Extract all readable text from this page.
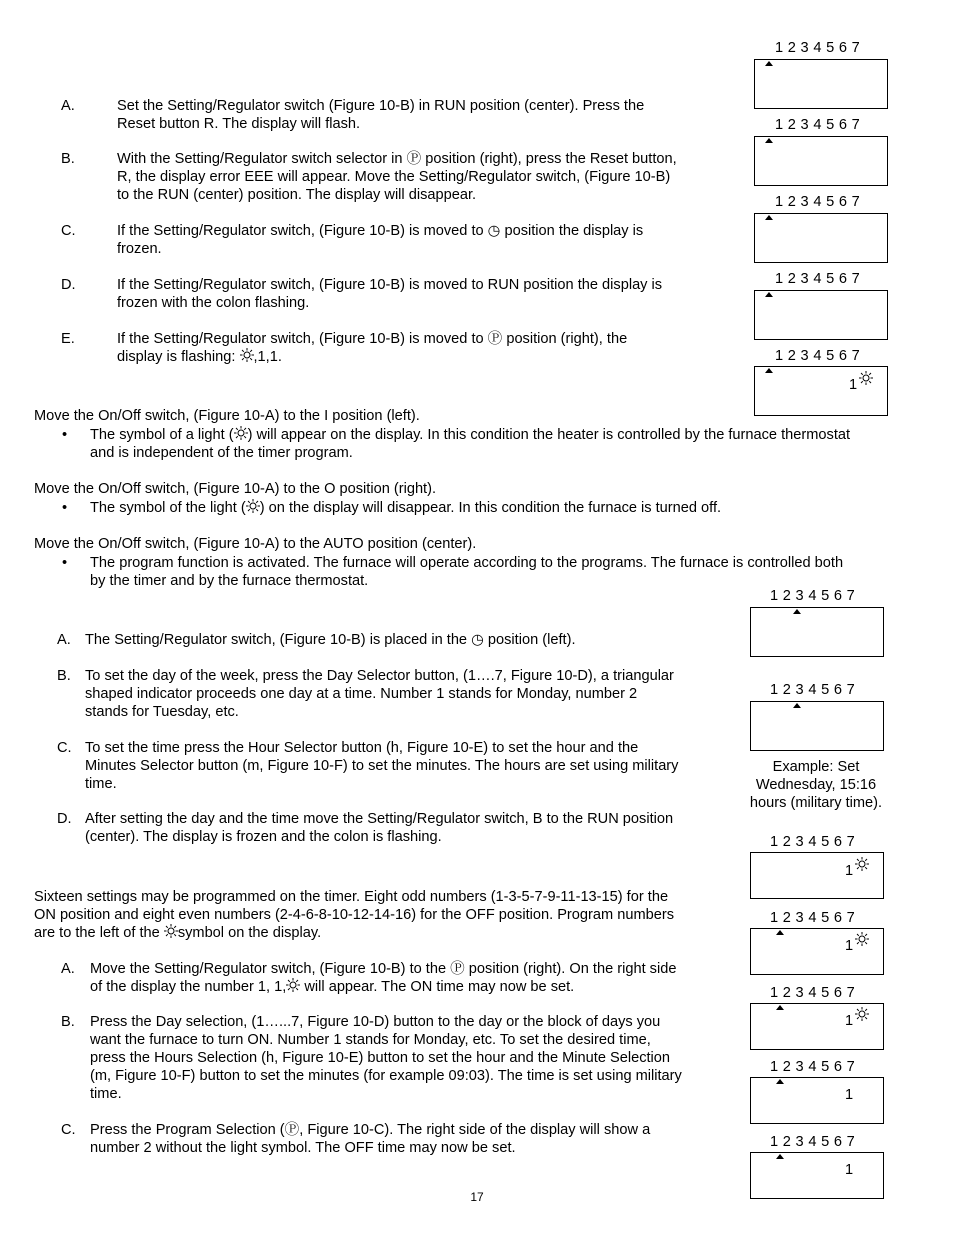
A.	Set the Setting/Regulator switch (Figure 10-B) in RUN position (center). Press the
Reset button R. The display will flash.
B.	With the Setting/Regulator switch selector in Ⓟ position (right), press the Reset button,
R, the display error EEE will appear. Move the Setting/Regulator switch, (Figure 10-B)
to the RUN (center) position. The display will disappear.
C.	If the Setting/Regulator switch, (Figure 10-B) is moved to ◷ position the display is
frozen.
D.	If the Setting/Regulator switch, (Figure 10-B) is moved to RUN position the display is
frozen with the colon flashing.
E.	If the Setting/Regulator switch, (Figure 10-B) is moved to Ⓟ position (right), the
display is flashing: ,1,1.
Move the On/Off switch, (Figure 10-A) to the I position (left).
• The symbol of a light ( ) will appear on the display. In this condition the heater is controlled by the furnace thermostat
and is independent of the timer program.
Move the On/Off switch, (Figure 10-A) to the O position (right).
• The symbol of the light ( ) on the display will disappear. In this condition the furnace is turned off.
Move the On/Off switch, (Figure 10-A) to the AUTO position (center).
• The program function is activated. The furnace will operate according to the programs. The furnace is controlled both
by the timer and by the furnace thermostat.
A. The Setting/Regulator switch, (Figure 10-B) is placed in the ◷ position (left).
B. To set the day of the week, press the Day Selector button, (1….7, Figure 10-D), a triangular
shaped indicator proceeds one day at a time. Number 1 stands for Monday, number 2
stands for Tuesday, etc.
C. To set the time press the Hour Selector button (h, Figure 10-E) to set the hour and the
Minutes Selector button (m, Figure 10-F) to set the minutes. The hours are set using military
time.
D. After setting the day and the time move the Setting/Regulator switch, B to the RUN position
(center). The display is frozen and the colon is flashing.
Sixteen settings may be programmed on the timer. Eight odd numbers (1-3-5-7-9-11-13-15) for the
ON position and eight even numbers (2-4-6-8-10-12-14-16) for the OFF position. Program numbers
are to the left of the symbol on the display.
A. Move the Setting/Regulator switch, (Figure 10-B) to the Ⓟ position (right). On the right side
of the display the number 1, 1, will appear. The ON time may now be set.
B. Press the Day selection, (1…...7, Figure 10-D) button to the day or the block of days you
want the furnace to turn ON. Number 1 stands for Monday, etc. To set the desired time,
press the Hours Selection (h, Figure 10-E) button to set the hour and the Minute Selection
(m, Figure 10-F) button to set the minutes (for example 09:03). The time is set using military
time.
C. Press the Program Selection (Ⓟ, Figure 10-C). The right side of the display will show a
number 2 without the light symbol. The OFF time may now be set.
1 2 3 4 5 6 7
1 2 3 4 5 6 7
1 2 3 4 5 6 7
1 2 3 4 5 6 7
1 2 3 4 5 6 7
1
1 2 3 4 5 6 7
1 2 3 4 5 6 7
Example: Set
Wednesday, 15:16
hours (military time).
1 2 3 4 5 6 7
1
1 2 3 4 5 6 7
1
1 2 3 4 5 6 7
1
1 2 3 4 5 6 7
1
1 2 3 4 5 6 7
1
17
